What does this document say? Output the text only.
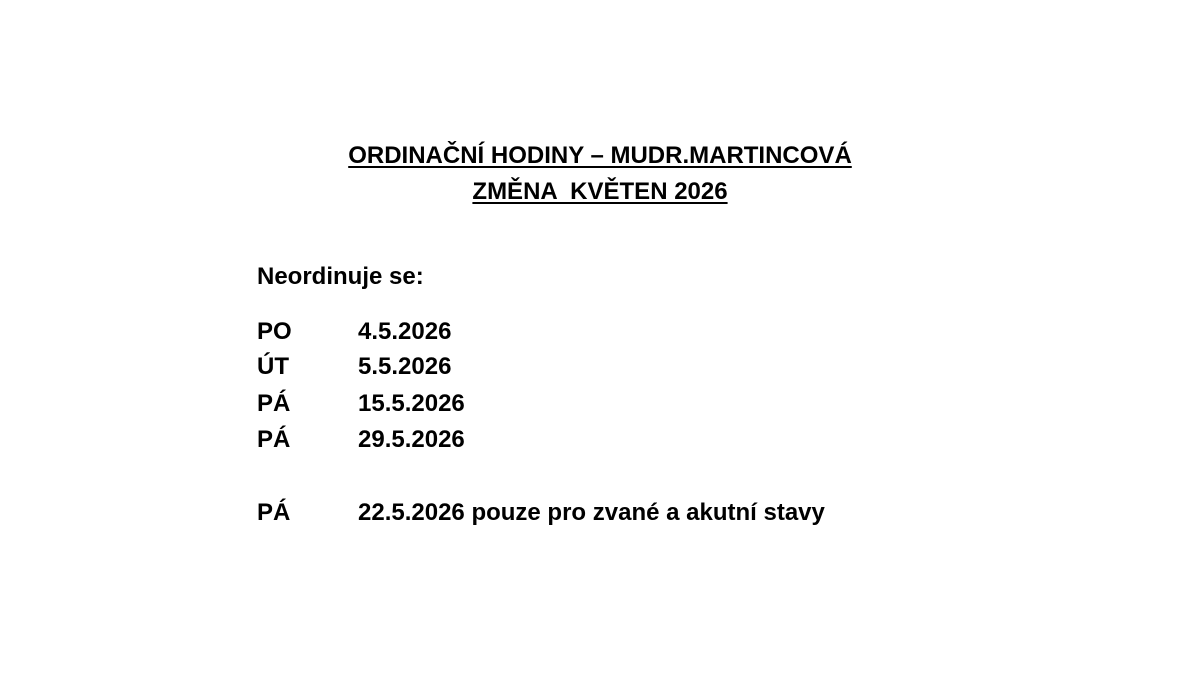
ORDINAČNÍ HODINY – MUDR.MARTINCOVÁ
ZMĚNA  KVĚTEN 2026
Neordinuje se:
PO	4.5.2026
ÚT	5.5.2026
PÁ	15.5.2026
PÁ	29.5.2026
PÁ	22.5.2026 pouze pro zvané a akutní stavy
